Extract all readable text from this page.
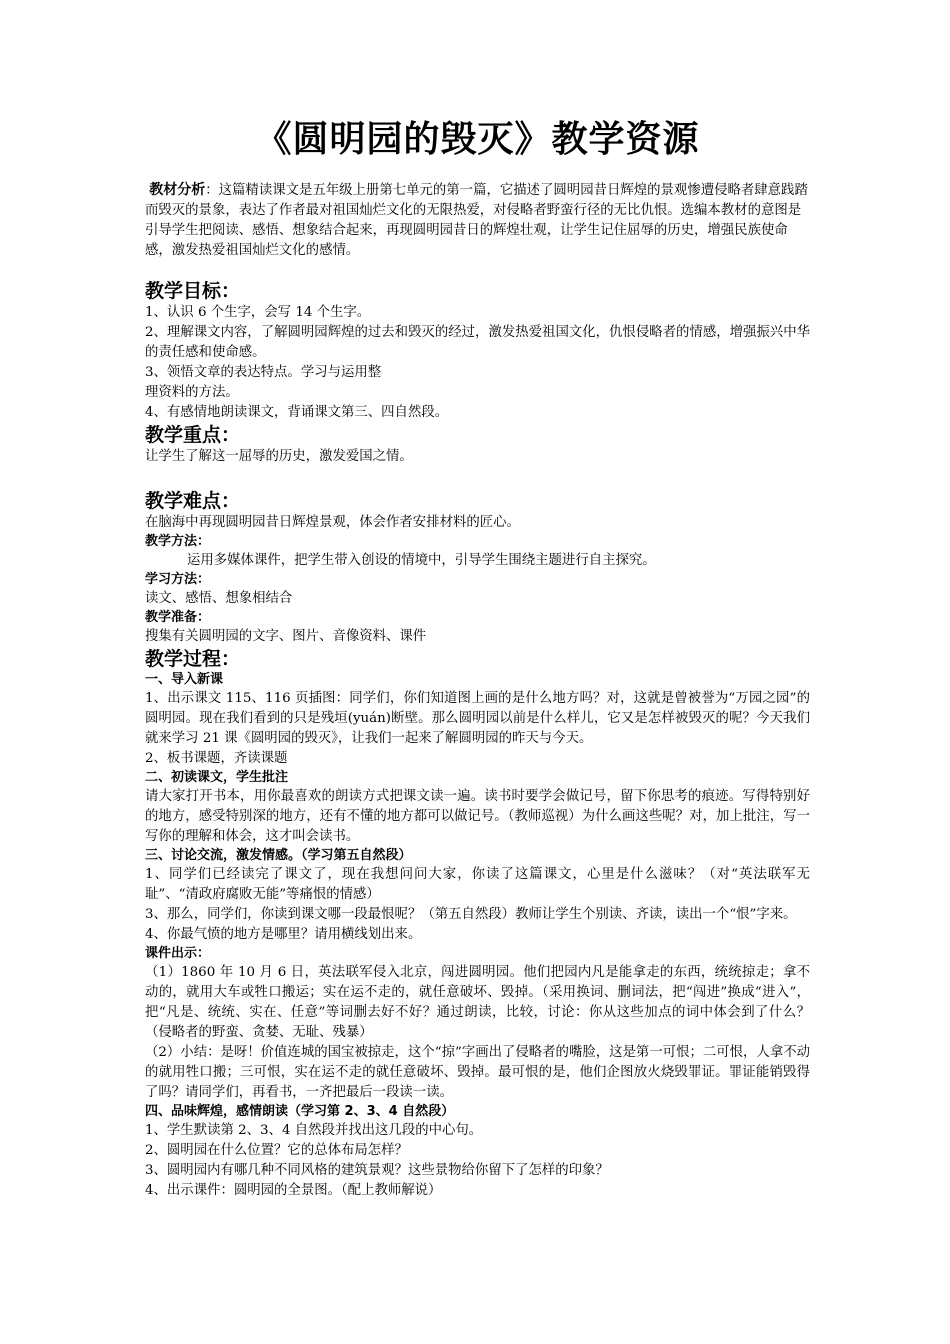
《圆明园的毁灭》教学资源

教材分析：这篇精读课文是五年级上册第七单元的第一篇，它描述了圆明园昔日辉煌的景观惨遭侵略者肆意践踏而毁灭的景象，表达了作者最对祖国灿烂文化的无限热爱，对侵略者野蛮行径的无比仇恨。选编本教材的意图是引导学生把阅读、感悟、想象结合起来，再现圆明园昔日的辉煌壮观，让学生记住屈辱的历史，增强民族使命感，激发热爱祖国灿烂文化的感情。

教学目标：

1、认识 6 个生字，会写 14 个生字。

2、理解课文内容，了解圆明园辉煌的过去和毁灭的经过，激发热爱祖国文化，仇恨侵略者的情感，增强振兴中华的责任感和使命感。

3、领悟文章的表达特点。学习与运用整

理资料的方法。

4、有感情地朗读课文，背诵课文第三、四自然段。

教学重点：

让学生了解这一屈辱的历史，激发爱国之情。

教学难点：

在脑海中再现圆明园昔日辉煌景观，体会作者安排材料的匠心。

教学方法：

运用多媒体课件，把学生带入创设的情境中，引导学生围绕主题进行自主探究。

学习方法：

读文、感悟、想象相结合

教学准备：

搜集有关圆明园的文字、图片、音像资料、课件

教学过程：
一、导入新课

1、出示课文 115、116 页插图：同学们，你们知道图上画的是什么地方吗？对，这就是曾被誉为“万园之园”的圆明园。现在我们看到的只是残垣(yuán)断壁。那么圆明园以前是什么样儿，它又是怎样被毁灭的呢？今天我们就来学习 21 课《圆明园的毁灭》，让我们一起来了解圆明园的昨天与今天。

2、板书课题，齐读课题

二、初读课文，学生批注

请大家打开书本，用你最喜欢的朗读方式把课文读一遍。读书时要学会做记号，留下你思考的痕迹。写得特别好的地方，感受特别深的地方，还有不懂的地方都可以做记号。（教师巡视）为什么画这些呢？对，加上批注，写一写你的理解和体会，这才叫会读书。

三、讨论交流，激发情感。（学习第五自然段）

1、同学们已经读完了课文了，现在我想问问大家，你读了这篇课文，心里是什么滋味？（对“英法联军无耻”、“清政府腐败无能”等痛恨的情感）

3、那么，同学们，你读到课文哪一段最恨呢？（第五自然段）教师让学生个别读、齐读，读出一个“恨”字来。

4、你最气愤的地方是哪里？请用横线划出来。

课件出示：

（1）1860 年 10 月 6 日，英法联军侵入北京，闯进圆明园。他们把园内凡是能拿走的东西，统统掠走；拿不动的，就用大车或牲口搬运；实在运不走的，就任意破坏、毁掉。（采用换词、删词法，把“闯进”换成“进入”，把“凡是、统统、实在、任意”等词删去好不好？通过朗读，比较，讨论：你从这些加点的词中体会到了什么？（侵略者的野蛮、贪婪、无耻、残暴）

（2）小结：是呀！价值连城的国宝被掠走，这个“掠”字画出了侵略者的嘴脸，这是第一可恨；二可恨，人拿不动的就用牲口搬；三可恨，实在运不走的就任意破坏、毁掉。最可恨的是，他们企图放火烧毁罪证。罪证能销毁得了吗？请同学们，再看书，一齐把最后一段读一读。

四、品味辉煌，感情朗读（学习第 2、3、4 自然段）

1、学生默读第 2、3、4 自然段并找出这几段的中心句。

2、圆明园在什么位置？它的总体布局怎样？

3、圆明园内有哪几种不同风格的建筑景观？这些景物给你留下了怎样的印象？

4、出示课件：圆明园的全景图。（配上教师解说）
